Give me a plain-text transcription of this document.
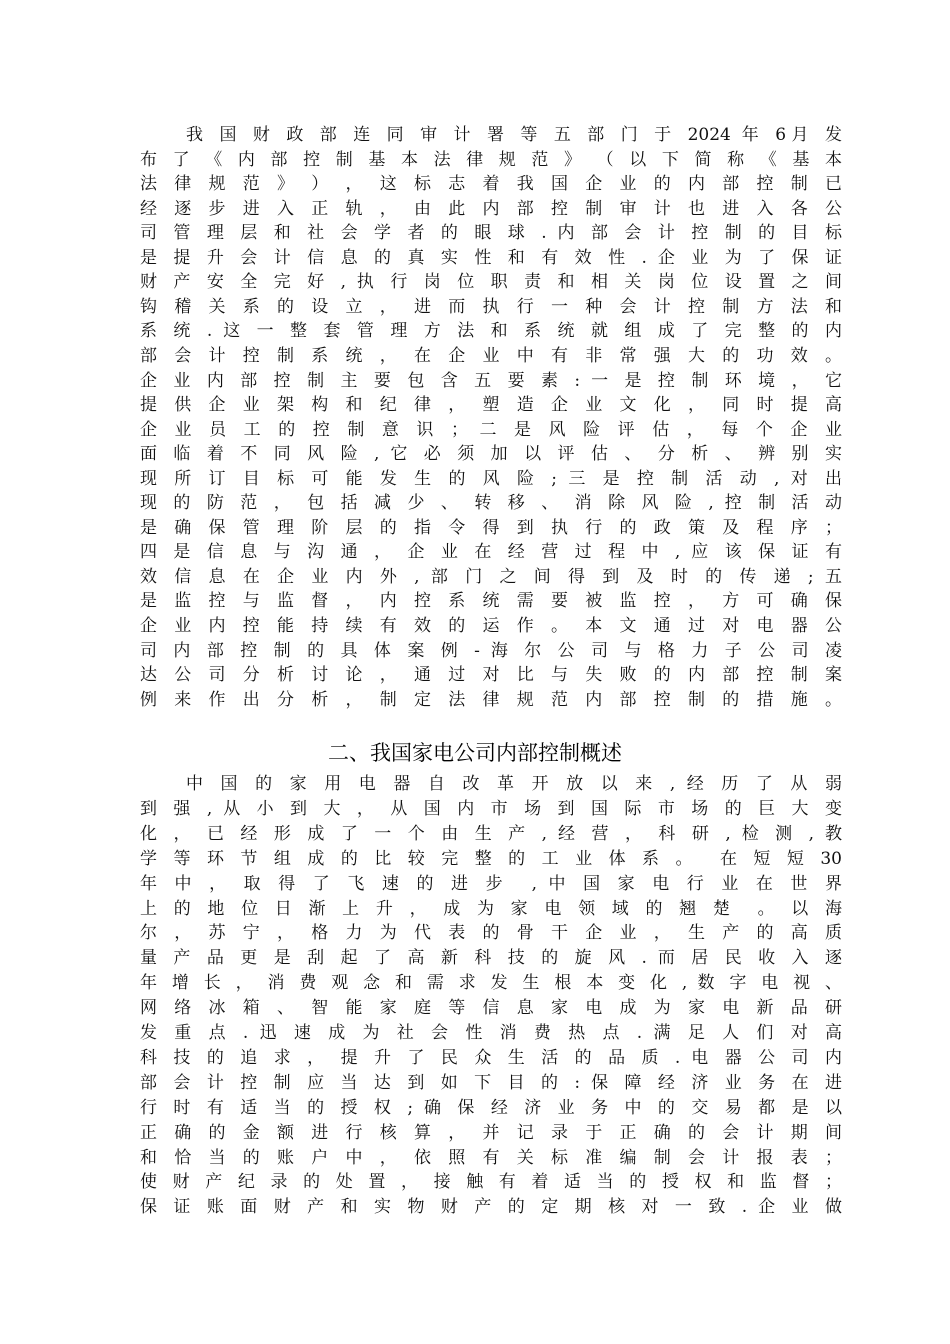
我 国 财 政 部 连 同 审 计 署 等 五 部 门 于 2024 年 6月 发
布 了 《 内 部 控 制 基 本 法 律 规 范 》 （ 以 下 简 称 《 基 本
法 律 规 范 》 ） ， 这 标 志 着 我 国 企 业 的 内 部 控 制 已
经 逐 步 进 入 正 轨 ， 由 此 内 部 控 制 审 计 也 进 入 各 公
司 管 理 层 和 社 会 学 者 的 眼 球 . 内 部 会 计 控 制 的 目 标
是 提 升 会 计 信 息 的 真 实 性 和 有 效 性 . 企 业 为 了 保 证
财 产 安 全 完 好 , 执 行 岗 位 职 责 和 相 关 岗 位 设 置 之 间
钩 稽 关 系 的 设 立 ， 进 而 执 行 一 种 会 计 控 制 方 法 和
系 统 . 这 一 整 套 管 理 方 法 和 系 统 就 组 成 了 完 整 的 内
部 会 计 控 制 系 统 ， 在 企 业 中 有 非 常 强 大 的 功 效 。
企 业 内 部 控 制 主 要 包 含 五 要 素 : 一 是 控 制 环 境 ， 它
提 供 企 业 架 构 和 纪 律 ， 塑 造 企 业 文 化 ， 同 时 提 高
企 业 员 工 的 控 制 意 识 ； 二 是 风 险 评 估 ， 每 个 企 业
面 临 着 不 同 风 险 , 它 必 须 加 以 评 估 、 分 析 、 辨 别 实
现 所 订 目 标 可 能 发 生 的 风 险 ; 三 是 控 制 活 动 , 对 出
现 的 防 范 ， 包 括 减 少 、 转 移 、 消 除 风 险 , 控 制 活 动
是 确 保 管 理 阶 层 的 指 令 得 到 执 行 的 政 策 及 程 序 ；
四 是 信 息 与 沟 通 ， 企 业 在 经 营 过 程 中 , 应 该 保 证 有
效 信 息 在 企 业 内 外 , 部 门 之 间 得 到 及 时 的 传 递 ; 五
是 监 控 与 监 督 ， 内 控 系 统 需 要 被 监 控 ， 方 可 确 保
企 业 内 控 能 持 续 有 效 的 运 作 。 本 文 通 过 对 电 器 公
司 内 部 控 制 的 具 体 案 例 - 海 尔 公 司 与 格 力 子 公 司 凌
达 公 司 分 析 讨 论 ， 通 过 对 比 与 失 败 的 内 部 控 制 案
例 来 作 出 分 析 ， 制 定 法 律 规 范 内 部 控 制 的 措 施 。
二、我国家电公司内部控制概述
中 国 的 家 用 电 器 自 改 革 开 放 以 来 , 经 历 了 从 弱
到 强 , 从 小 到 大 ， 从 国 内 市 场 到 国 际 市 场 的 巨 大 变
化 ， 已 经 形 成 了 一 个 由 生 产 , 经 营 ， 科 研 , 检 测 , 教
学 等 环 节 组 成 的 比 较 完 整 的 工 业 体 系 。  在 短 短 30
年 中 ， 取 得 了 飞 速 的 进 步  , 中 国 家 电 行 业 在 世 界
上 的 地 位 日 渐 上 升 ， 成 为 家 电 领 域 的 翘 楚  。 以 海
尔 ， 苏 宁 ， 格 力 为 代 表 的 骨 干 企 业 ， 生 产 的 高 质
量 产 品 更 是 刮 起 了 高 新 科 技 的 旋 风 . 而 居 民 收 入 逐
年 增 长 ， 消 费 观 念 和 需 求 发 生 根 本 变 化 , 数 字 电 视 、
网 络 冰 箱 、 智 能 家 庭 等 信 息 家 电 成 为 家 电 新 品 研
发 重 点 . 迅 速 成 为 社 会 性 消 费 热 点 . 满 足 人 们 对 高
科 技 的 追 求 ， 提 升 了 民 众 生 活 的 品 质 . 电 器 公 司 内
部 会 计 控 制 应 当 达 到 如 下 目 的 : 保 障 经 济 业 务 在 进
行 时 有 适 当 的 授 权 ; 确 保 经 济 业 务 中 的 交 易 都 是 以
正 确 的 金 额 进 行 核 算 ， 并 记 录 于 正 确 的 会 计 期 间
和 恰 当 的 账 户 中 ， 依 照 有 关 标 准 编 制 会 计 报 表 ；
使 财 产 纪 录 的 处 置 ， 接 触 有 着 适 当 的 授 权 和 监 督 ；
保 证 账 面 财 产 和 实 物 财 产 的 定 期 核 对 一 致 . 企 业 做
